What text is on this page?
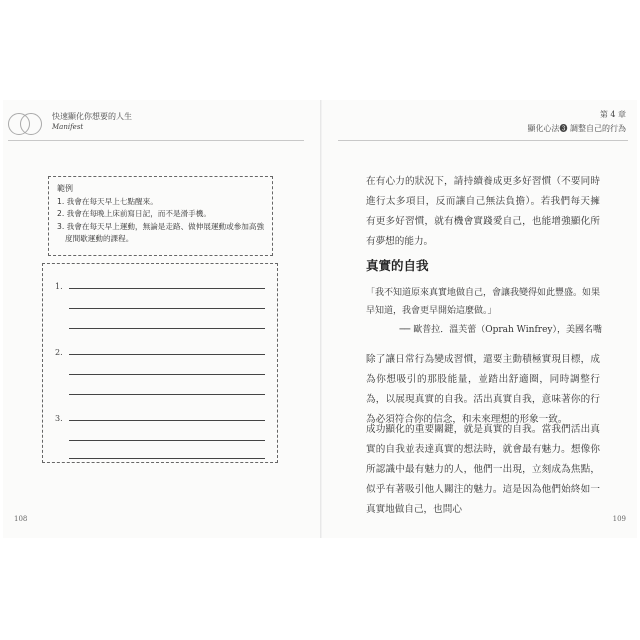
快速顯化你想要的人生
Manifest
第 4 章
顯化心法❸ 調整自己的行為
範例
1. 我會在每天早上七點醒來。
2. 我會在每晚上床前寫日記，而不是滑手機。
3. 我會在每天早上運動，無論是走路、做伸展運動或參加高強
度間歇運動的課程。
1.
2.
3.
在有心力的狀況下，請持續養成更多好習慣（不要同時進行太多項目，反而讓自己無法負擔）。若我們每天擁有更多好習慣，就有機會實踐愛自己，也能增強顯化所有夢想的能力。
真實的自我
「我不知道原來真實地做自己，會讓我變得如此豐盛。如果早知道，我會更早開始這麼做。」
── 歐普拉．溫芙蕾（Oprah Winfrey），美國名嘴
除了讓日常行為變成習慣，還要主動積極實現目標，成為你想吸引的那股能量，並踏出舒適圈，同時調整行為，以展現真實的自我。活出真實自我，意味著你的行為必須符合你的信念，和未來理想的形象一致。
成功顯化的重要關鍵，就是真實的自我。當我們活出真實的自我並表達真實的想法時，就會最有魅力。想像你所認識中最有魅力的人，他們一出現，立刻成為焦點，似乎有著吸引他人關注的魅力。這是因為他們始終如一真實地做自己，也問心
108	109
